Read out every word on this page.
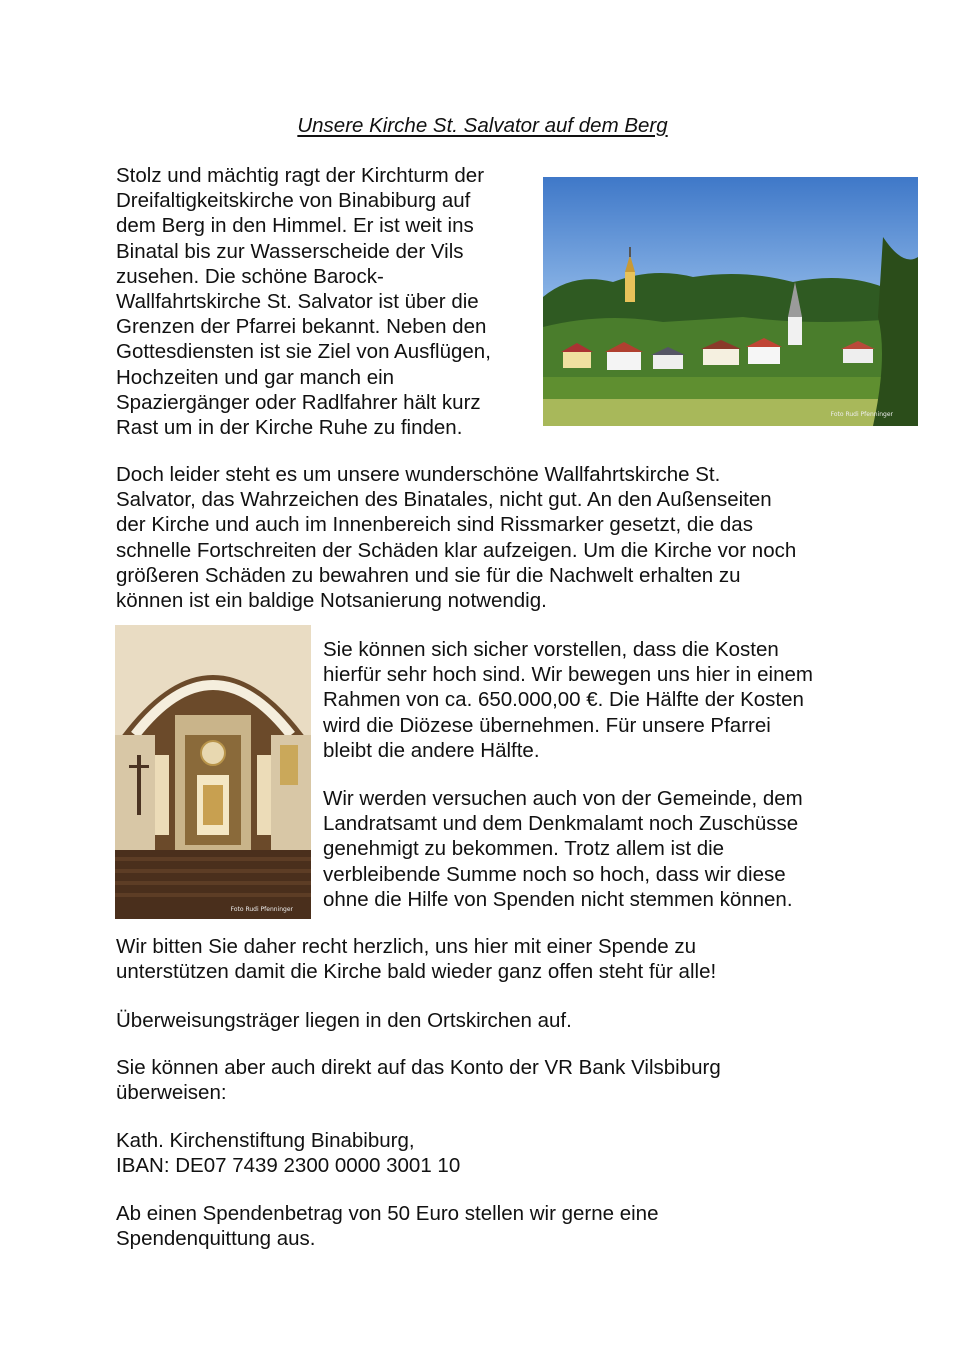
Unsere Kirche St. Salvator auf dem Berg

Stolz und mächtig ragt der Kirchturm der
Dreifaltigkeitskirche von Binabiburg auf
dem Berg in den Himmel. Er ist weit ins
Binatal bis zur Wasserscheide der Vils
zusehen. Die schöne Barock-
Wallfahrtskirche St. Salvator ist über die
Grenzen der Pfarrei bekannt. Neben den
Gottesdiensten ist sie Ziel von Ausflügen,
Hochzeiten und gar manch ein
Spaziergänger oder Radlfahrer hält kurz
Rast um in der Kirche Ruhe zu finden.

Foto Rudi Pfenninger

Doch leider steht es um unsere wunderschöne Wallfahrtskirche St.
Salvator, das Wahrzeichen des Binatales, nicht gut. An den Außenseiten
der Kirche und auch im Innenbereich sind Rissmarker gesetzt, die das
schnelle Fortschreiten der Schäden klar aufzeigen. Um die Kirche vor noch
größeren Schäden zu bewahren und sie für die Nachwelt erhalten zu
können ist ein baldige Notsanierung notwendig.

Foto Rudi Pfenninger

Sie können sich sicher vorstellen, dass die Kosten
hierfür sehr hoch sind. Wir bewegen uns hier in einem
Rahmen von ca. 650.000,00 €. Die Hälfte der Kosten
wird die Diözese übernehmen. Für unsere Pfarrei
bleibt die andere Hälfte.

Wir werden versuchen auch von der Gemeinde, dem
Landratsamt und dem Denkmalamt noch Zuschüsse
genehmigt zu bekommen. Trotz allem ist die
verbleibende Summe noch so hoch, dass wir diese
ohne die Hilfe von Spenden nicht stemmen können.

Wir bitten Sie daher recht herzlich, uns hier mit einer Spende zu
unterstützen damit die Kirche bald wieder ganz offen steht für alle!

Überweisungsträger liegen in den Ortskirchen auf.

Sie können aber auch direkt auf das Konto der VR Bank Vilsbiburg
überweisen:

Kath. Kirchenstiftung Binabiburg,
IBAN: DE07 7439 2300 0000 3001 10

Ab einen Spendenbetrag von 50 Euro stellen wir gerne eine
Spendenquittung aus.
